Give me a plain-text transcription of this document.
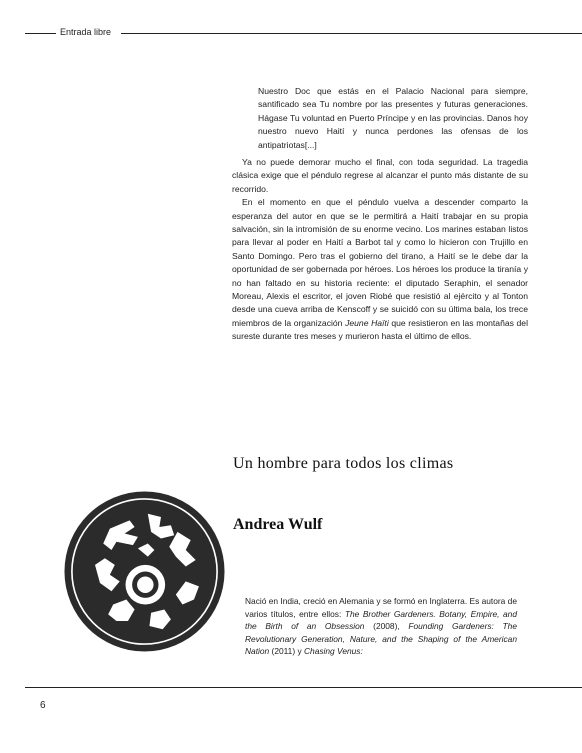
Entrada libre

Nuestro Doc que estás en el Palacio Nacional para siempre, santificado sea Tu nombre por las presentes y futuras generaciones. Hágase Tu voluntad en Puerto Príncipe y en las provincias. Danos hoy nuestro nuevo Haití y nunca perdones las ofensas de los antipatriotas[...]

Ya no puede demorar mucho el final, con toda seguridad. La tragedia clásica exige que el péndulo regrese al alcanzar el punto más distante de su recorrido.

En el momento en que el péndulo vuelva a descender comparto la esperanza del autor en que se le permitirá a Haití trabajar en su propia salvación, sin la intromisión de su enorme vecino. Los marines estaban listos para llevar al poder en Haití a Barbot tal y como lo hicieron con Trujillo en Santo Domingo. Pero tras el gobierno del tirano, a Haití se le debe dar la oportunidad de ser gobernada por héroes. Los héroes los produce la tiranía y no han faltado en su historia reciente: el diputado Seraphin, el senador Moreau, Alexis el escritor, el joven Riobé que resistió al ejército y al Tonton desde una cueva arriba de Kenscoff y se suicidó con su última bala, los trece miembros de la organización Jeune Haïti que resistieron en las montañas del sureste durante tres meses y murieron hasta el último de ellos.

Un hombre para todos los climas
Andrea Wulf

Nació en India, creció en Alemania y se formó en Inglaterra. Es autora de varios títulos, entre ellos: The Brother Gardeners. Botany, Empire, and the Birth of an Obsession (2008), Founding Gardeners: The Revolutionary Generation, Nature, and the Shaping of the American Nation (2011) y Chasing Venus:

6
